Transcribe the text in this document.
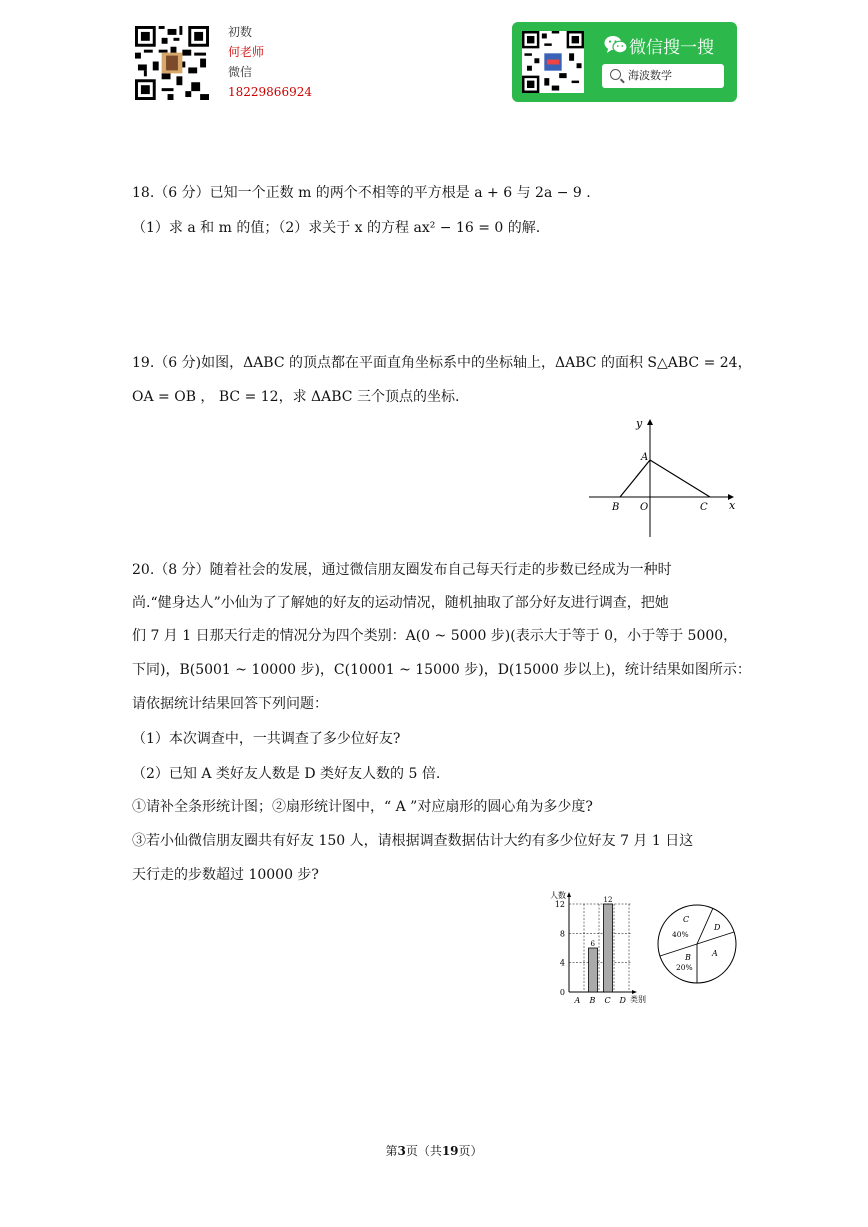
初数
何老师
微信
18229866924
微信搜一搜
海波数学
18.（6 分）已知一个正数 m 的两个不相等的平方根是 a + 6 与 2a − 9 .
（1）求 a 和 m 的值；（2）求关于 x 的方程 ax² − 16 = 0 的解.
19.（6 分)如图，ΔABC 的顶点都在平面直角坐标系中的坐标轴上，ΔABC 的面积 S△ABC = 24，
OA = OB ， BC = 12，求 ΔABC 三个顶点的坐标.
y
x
A
B O	C
20.（8 分）随着社会的发展，通过微信朋友圈发布自己每天行走的步数已经成为一种时
尚.“健身达人”小仙为了了解她的好友的运动情况，随机抽取了部分好友进行调查，把她
们 7 月 1 日那天行走的情况分为四个类别：A(0 ~ 5000 步)(表示大于等于 0，小于等于 5000，
下同)，B(5001 ~ 10000 步)，C(10001 ~ 15000 步)，D(15000 步以上)，统计结果如图所示：
请依据统计结果回答下列问题：
（1）本次调查中，一共调查了多少位好友?
（2）已知 A 类好友人数是 D 类好友人数的 5 倍.
①请补全条形统计图；②扇形统计图中，“ A ”对应扇形的圆心角为多少度?
③若小仙微信朋友圈共有好友 150 人，请根据调查数据估计大约有多少位好友 7 月 1 日这
天行走的步数超过 10000 步?
0
4
8
12
人数
类别
A B
6
C
12
D
C
40%
D
A
B
20%
第3页（共19页）
